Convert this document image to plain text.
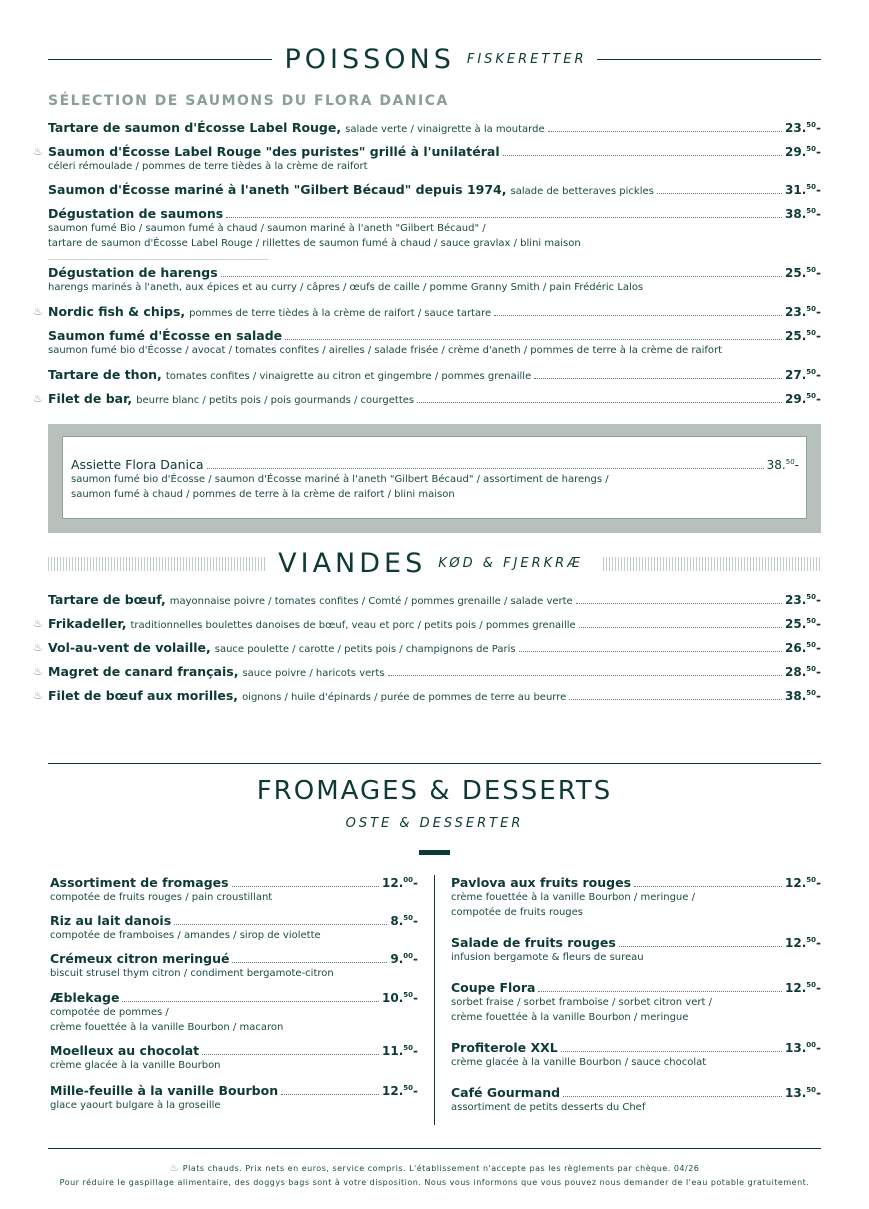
POISSONS FISKERETTER
SÉLECTION DE SAUMONS DU FLORA DANICA
Tartare de saumon d'Écosse Label Rouge, salade verte / vinaigrette à la moutarde	23.50-
♨ Saumon d'Écosse Label Rouge "des puristes" grillé à l'unilatéral	29.50-
céleri rémoulade / pommes de terre tièdes à la crème de raifort
Saumon d'Écosse mariné à l'aneth "Gilbert Bécaud" depuis 1974, salade de betteraves pickles	31.50-
Dégustation de saumons	38.50-
saumon fumé Bio / saumon fumé à chaud / saumon mariné à l'aneth "Gilbert Bécaud" /
tartare de saumon d'Écosse Label Rouge / rillettes de saumon fumé à chaud / sauce gravlax / blini maison
Dégustation de harengs	25.50-
harengs marinés à l'aneth, aux épices et au curry / câpres / œufs de caille / pomme Granny Smith / pain Frédéric Lalos
♨ Nordic fish & chips, pommes de terre tièdes à la crème de raifort / sauce tartare	23.50-
Saumon fumé d'Écosse en salade	25.50-
saumon fumé bio d'Écosse / avocat / tomates confites / airelles / salade frisée / crème d'aneth / pommes de terre à la crème de raifort
Tartare de thon, tomates confites / vinaigrette au citron et gingembre / pommes grenaille	27.50-
♨ Filet de bar, beurre blanc / petits pois / pois gourmands / courgettes	29.50-
Assiette Flora Danica	38.50-
saumon fumé bio d'Écosse / saumon d'Écosse mariné à l'aneth "Gilbert Bécaud" / assortiment de harengs /
saumon fumé à chaud / pommes de terre à la crème de raifort / blini maison
VIANDES KØD & FJERKRÆ
Tartare de bœuf, mayonnaise poivre / tomates confites / Comté / pommes grenaille / salade verte	23.50-
♨ Frikadeller, traditionnelles boulettes danoises de bœuf, veau et porc / petits pois / pommes grenaille	25.50-
♨ Vol-au-vent de volaille, sauce poulette / carotte / petits pois / champignons de Paris	26.50-
♨ Magret de canard français, sauce poivre / haricots verts	28.50-
♨ Filet de bœuf aux morilles, oignons / huile d'épinards / purée de pommes de terre au beurre	38.50-
FROMAGES & DESSERTS
OSTE & DESSERTER
Assortiment de fromages	12.00-
compotée de fruits rouges / pain croustillant
Riz au lait danois	8.50-
compotée de framboises / amandes / sirop de violette
Crémeux citron meringué	9.00-
biscuit strusel thym citron / condiment bergamote-citron
Æblekage	10.50-
compotée de pommes /
crème fouettée à la vanille Bourbon / macaron
Moelleux au chocolat	11.50-
crème glacée à la vanille Bourbon
Mille-feuille à la vanille Bourbon	12.50-
glace yaourt bulgare à la groseille
Pavlova aux fruits rouges	12.50-
crème fouettée à la vanille Bourbon / meringue /
compotée de fruits rouges
Salade de fruits rouges	12.50-
infusion bergamote & fleurs de sureau
Coupe Flora	12.50-
sorbet fraise / sorbet framboise / sorbet citron vert /
crème fouettée à la vanille Bourbon / meringue
Profiterole XXL	13.00-
crème glacée à la vanille Bourbon / sauce chocolat
Café Gourmand	13.50-
assortiment de petits desserts du Chef
♨ Plats chauds. Prix nets en euros, service compris. L'établissement n'accepte pas les règlements par chèque. 04/26
Pour réduire le gaspillage alimentaire, des doggys bags sont à votre disposition. Nous vous informons que vous pouvez nous demander de l'eau potable gratuitement.
